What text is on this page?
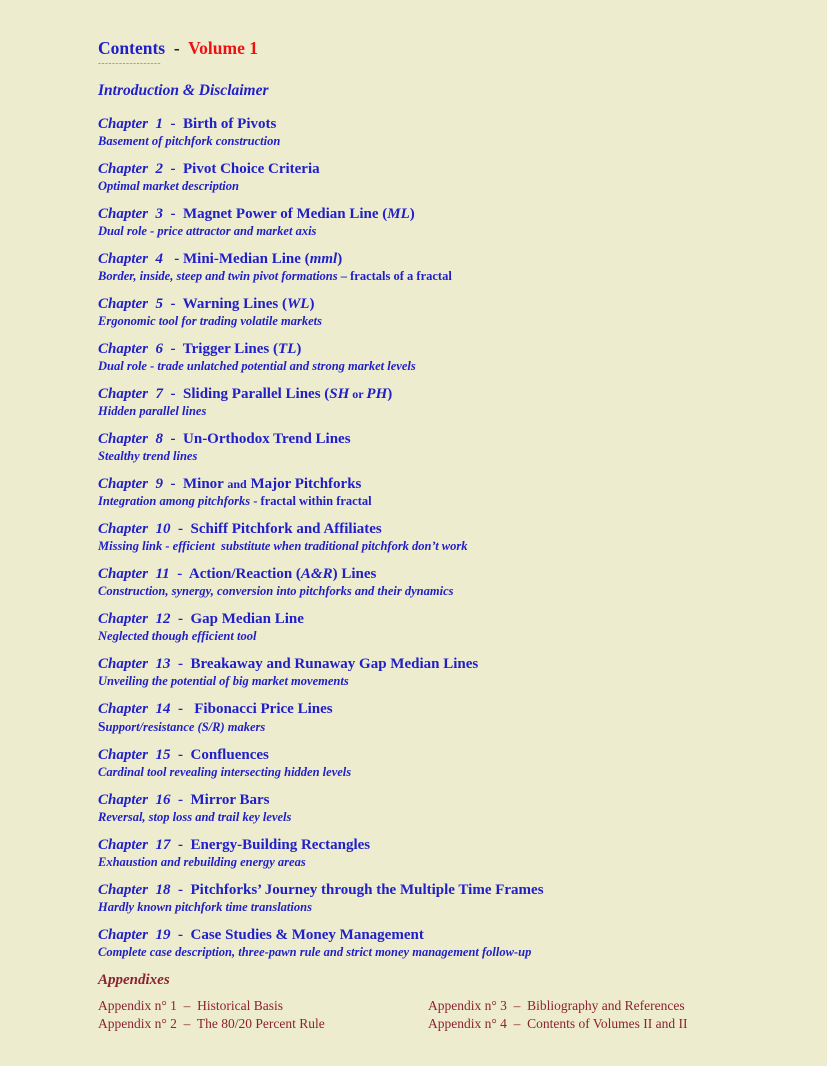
Contents  -  Volume 1
------------------
Introduction & Disclaimer
Chapter  1  -  Birth of Pivots
Basement of pitchfork construction
Chapter  2  -  Pivot Choice Criteria
Optimal market description
Chapter  3  -  Magnet Power of Median Line (ML)
Dual role - price attractor and market axis
Chapter  4   - Mini-Median Line (mml)
Border, inside, steep and twin pivot formations – fractals of a fractal
Chapter  5  -  Warning Lines (WL)
Ergonomic tool for trading volatile markets
Chapter  6  -  Trigger Lines (TL)
Dual role - trade unlatched potential and strong market levels
Chapter  7  -  Sliding Parallel Lines (SH or PH)
Hidden parallel lines
Chapter  8  -  Un-Orthodox Trend Lines
Stealthy trend lines
Chapter  9  -  Minor and Major Pitchforks
Integration among pitchforks - fractal within fractal
Chapter  10  -  Schiff Pitchfork and Affiliates
Missing link - efficient  substitute when traditional pitchfork don’t work
Chapter  11  -  Action/Reaction (A&R) Lines
Construction, synergy, conversion into pitchforks and their dynamics
Chapter  12  -  Gap Median Line
Neglected though efficient tool
Chapter  13  -  Breakaway and Runaway Gap Median Lines
Unveiling the potential of big market movements
Chapter  14  -   Fibonacci Price Lines
Support/resistance (S/R) makers
Chapter  15  -  Confluences
Cardinal tool revealing intersecting hidden levels
Chapter  16  -  Mirror Bars
Reversal, stop loss and trail key levels
Chapter  17  -  Energy-Building Rectangles
Exhaustion and rebuilding energy areas
Chapter  18  -  Pitchforks’ Journey through the Multiple Time Frames
Hardly known pitchfork time translations
Chapter  19  -  Case Studies & Money Management
Complete case description, three-pawn rule and strict money management follow-up
Appendixes
Appendix n° 1  –  Historical Basis
Appendix n° 2  –  The 80/20 Percent Rule
Appendix n° 3  –  Bibliography and References
Appendix n° 4  –  Contents of Volumes II and II
